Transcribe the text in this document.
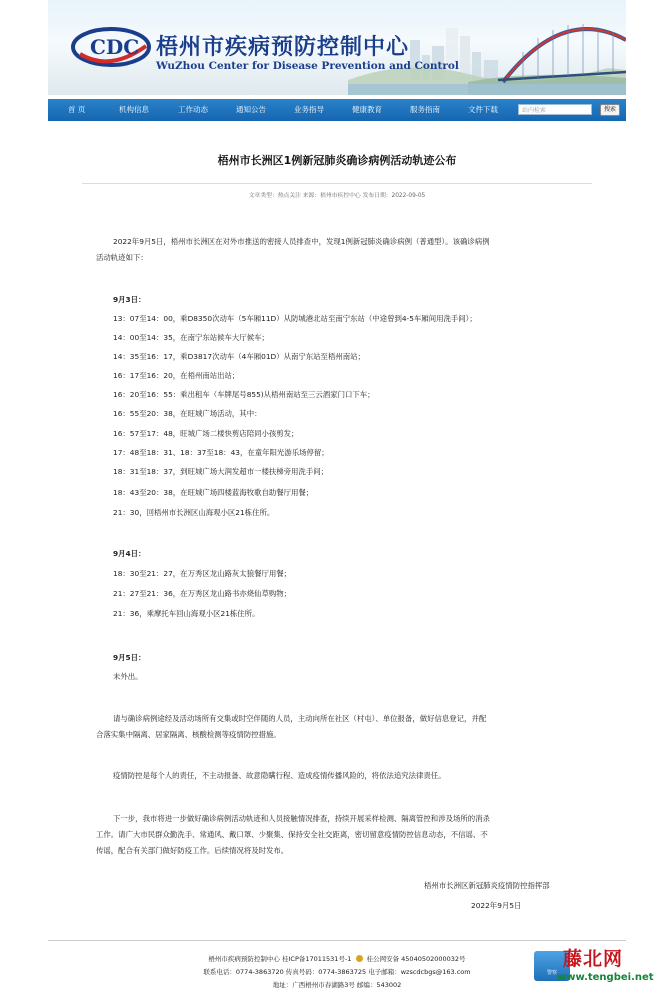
CDC 梧州市疾病预防控制中心
WuZhou Center for Disease Prevention and Control
首 页	机构信息	工作动态	通知公告	业务指导	健康教育	服务指南	文件下载	站内检索	搜索
梧州市长洲区1例新冠肺炎确诊病例活动轨迹公布
文章类型：热点关注 来源：梧州市疾控中心 发布日期：2022-09-05
2022年9月5日，梧州市长洲区在对外市推送的密接人员排查中，发现1例新冠肺炎确诊病例（普通型）。该确诊病例
活动轨迹如下：
9月3日：
13：07至14：00，乘D8350次动车（5车厢11D）从防城港北站至南宁东站（中途曾到4-5车厢间用洗手间）；
14：00至14：35，在南宁东站候车大厅候车；
14：35至16：17，乘D3817次动车（4车厢01D）从南宁东站至梧州南站；
16：17至16：20，在梧州南站出站；
16：20至16：55：乘出租车（车牌尾号855)从梧州南站至三云酒家门口下车；
16：55至20：38，在旺城广场活动，其中：
16：57至17：48，旺城广场二楼快剪店陪同小孩剪发；
17：48至18：31、18：37至18：43，在童年阳光游乐场停留；
18：31至18：37，到旺城广场大润发超市一楼扶梯旁用洗手间；
18：43至20：38，在旺城广场四楼蓝海牧歌自助餐厅用餐；
21：30，回梧州市长洲区山海观小区21栋住所。
9月4日：
18：30至21：27，在万秀区龙山路灰太狼餐厅用餐；
21：27至21：36，在万秀区龙山路书亦烧仙草购物；
21：36，乘摩托车回山海观小区21栋住所。
9月5日：
未外出。
请与确诊病例途经及活动场所有交集或时空伴随的人员，主动向所在社区（村屯）、单位报备，做好信息登记，并配
合落实集中隔离、居家隔离、核酸检测等疫情防控措施。
疫情防控是每个人的责任，不主动报备、故意隐瞒行程、造成疫情传播风险的，将依法追究法律责任。
下一步，我市将进一步做好确诊病例活动轨迹和人员接触情况排查，持续开展采样检测、隔离管控和涉及场所的消杀
工作。请广大市民群众勤洗手、常通风、戴口罩、少聚集、保持安全社交距离，密切留意疫情防控信息动态，不信谣、不
传谣，配合有关部门做好防疫工作。后续情况将及时发布。
梧州市长洲区新冠肺炎疫情防控指挥部
2022年9月5日
梧州市疾病预防控制中心 桂ICP备17011531号-1 桂公网安备 45040502000032号
联系电话：0774-3863720 传真号码：0774-3863725 电子邮箱：wzscdcbgs@163.com
地址：广西梧州市春湖路3号 邮编：543002
警察
藤北网
www.tengbei.net
